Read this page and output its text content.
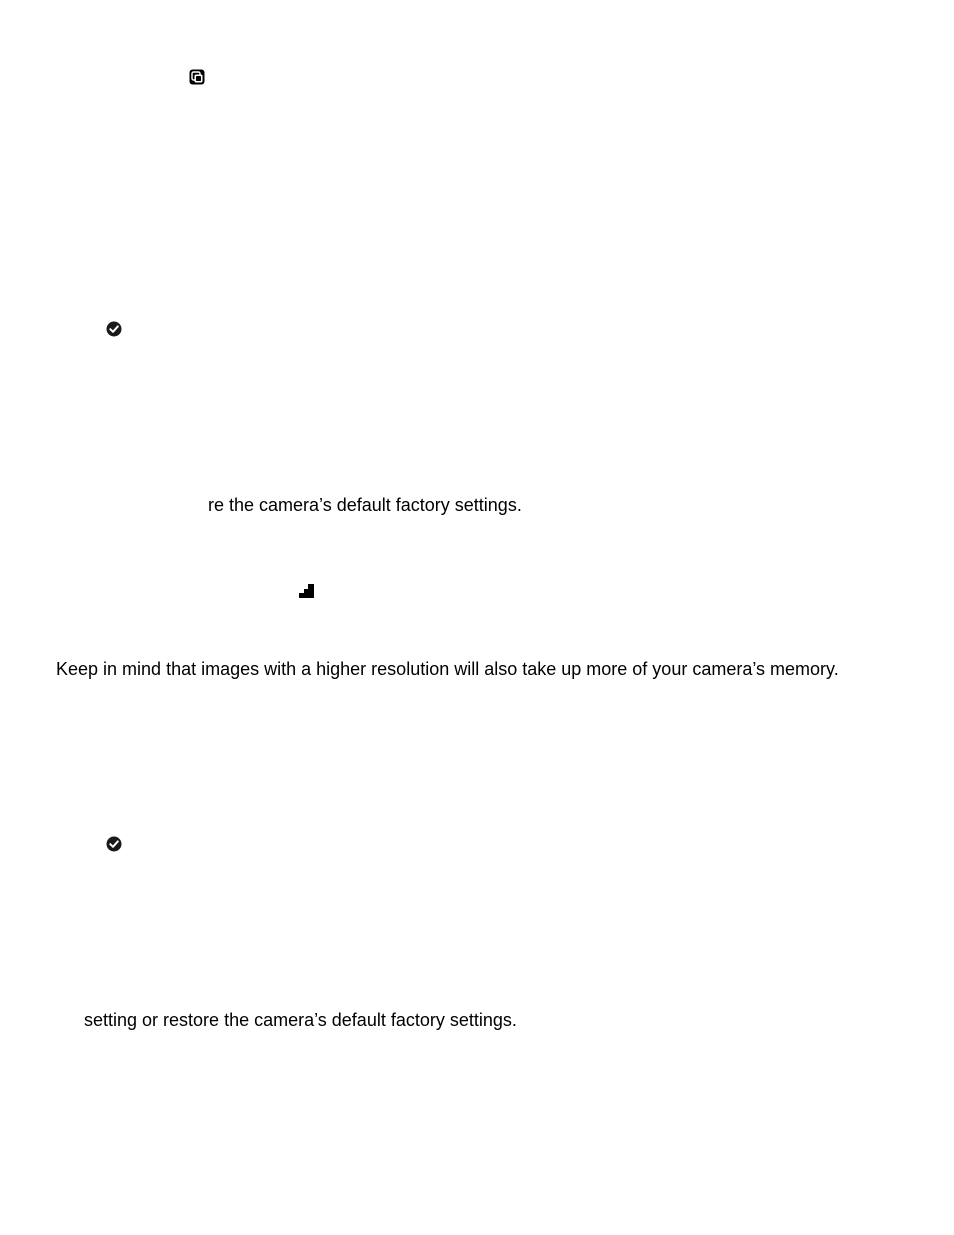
re the camera’s default factory settings.
Keep in mind that images with a higher resolution will also take up more of your camera’s memory.
setting or restore the camera’s default factory settings.
